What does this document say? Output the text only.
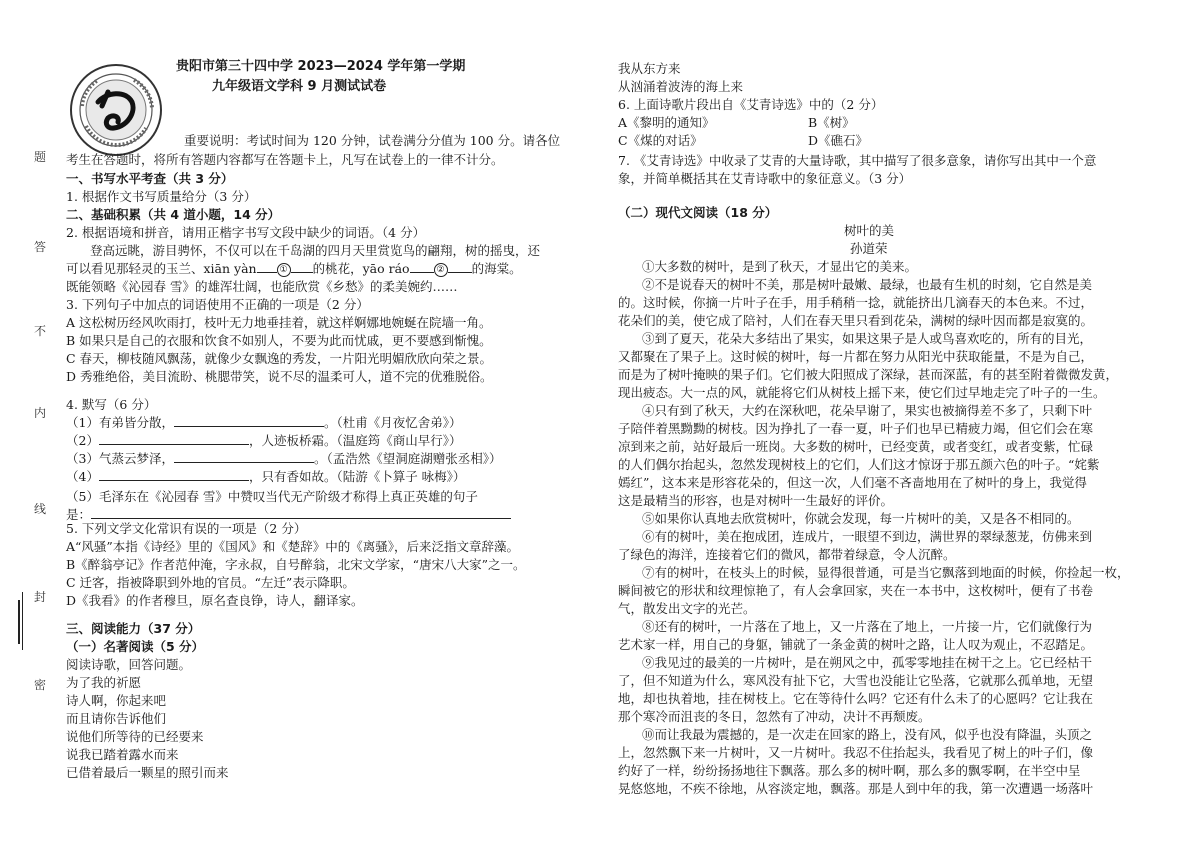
题
答
不
内
线
封
密
贵阳市第三十四中学 2023—2024 学年第一学期
九年级语文学科 9 月测试试卷
重要说明：考试时间为 120 分钟，试卷满分分值为 100 分。请各位
考生在答题时，将所有答题内容都写在答题卡上，凡写在试卷上的一律不计分。
一、书写水平考查（共 3 分）
1. 根据作文书写质量给分（3 分）
二、基础积累（共 4 道小题，14 分）
2. 根据语境和拼音，请用正楷字书写文段中缺少的词语。（4 分）
登高远眺，游目骋怀，不仅可以在千岛湖的四月天里赏览鸟的翩翔，树的摇曳，还
可以看见那轻灵的玉兰、xiān yàn	① 的桃花，yāo ráo	② 的海棠。
既能领略《沁园春 雪》的雄浑壮阔，也能欣赏《乡愁》的柔美婉约……
3. 下列句子中加点的词语使用不正确的一项是（2 分）
A 这松树历经风吹雨打，枝叶无力地垂挂着，就这样婀娜地婉蜒在院墙一角。
B 如果只是自己的衣服和饮食不如别人，不要为此而忧戚，更不要感到惭愧。
C 春天，柳枝随风飘荡，就像少女飘逸的秀发，一片阳光明媚欣欣向荣之景。
D 秀雅绝俗，美目流盼、桃腮带笑，说不尽的温柔可人，道不完的优雅脱俗。
4. 默写（6 分）
（1）有弟皆分散，	。（杜甫《月夜忆舍弟》）
（2）	，人迹板桥霜。（温庭筠《商山早行》）
（3）气蒸云梦泽，	。（孟浩然《望洞庭湖赠张丞相》）
（4）	，只有香如故。（陆游《卜算子 咏梅》）
（5）毛泽东在《沁园春 雪》中赞叹当代无产阶级才称得上真正英雄的句子
是：
5. 下列文学文化常识有误的一项是（2 分）
A“风骚”本指《诗经》里的《国风》和《楚辞》中的《离骚》，后来泛指文章辞藻。
B《醉翁亭记》作者范仲淹，字永叔，自号醉翁，北宋文学家，“唐宋八大家”之一。
C 迁客，指被降职到外地的官员。“左迁”表示降职。
D《我看》的作者穆旦，原名查良铮，诗人，翻译家。
三、阅读能力（37 分）
（一）名著阅读（5 分）
阅读诗歌，回答问题。
为了我的祈愿
诗人啊，你起来吧
而且请你告诉他们
说他们所等待的已经要来
说我已踏着露水而来
已借着最后一颗星的照引而来
我从东方来
从汹涌着波涛的海上来
6. 上面诗歌片段出自《艾青诗选》中的（2 分）
A《黎明的通知》	B《树》
C《煤的对话》	D《礁石》
7. 《艾青诗选》中收录了艾青的大量诗歌，其中描写了很多意象，请你写出其中一个意
象，并简单概括其在艾青诗歌中的象征意义。（3 分）
（二）现代文阅读（18 分）
树叶的美
孙道荣
①大多数的树叶，是到了秋天，才显出它的美来。
②不是说春天的树叶不美，那是树叶最嫩、最绿，也最有生机的时刻，它自然是美
的。这时候，你摘一片叶子在手，用手稍稍一捻，就能挤出几滴春天的本色来。不过，
花朵们的美，使它成了陪衬，人们在春天里只看到花朵，满树的绿叶因而都是寂寞的。
③到了夏天，花朵大多结出了果实，如果这果子是人或鸟喜欢吃的，所有的目光，
又都聚在了果子上。这时候的树叶，每一片都在努力从阳光中获取能量，不是为自己，
而是为了树叶掩映的果子们。它们被大阳照成了深绿，甚而深蓝，有的甚至附着微微发黄，
现出疲态。大一点的风，就能将它们从树枝上摇下来，使它们过早地走完了叶子的一生。
④只有到了秋天，大约在深秋吧，花朵早谢了，果实也被摘得差不多了，只剩下叶
子陪伴着黑黝黝的树枝。因为挣扎了一春一夏，叶子们也早已精疲力竭，但它们会在寒
凉到来之前，站好最后一班岗。大多数的树叶，已经变黄，或者变红，或者变紫，忙碌
的人们偶尔抬起头，忽然发现树枝上的它们，人们这才惊讶于那五颜六色的叶子。“姹紫
嫣红”，这本来是形容花朵的，但这一次，人们毫不吝啬地用在了树叶的身上，我觉得
这是最精当的形容，也是对树叶一生最好的评价。
⑤如果你认真地去欣赏树叶，你就会发现，每一片树叶的美，又是各不相同的。
⑥有的树叶，美在抱成团，连成片，一眼望不到边，满世界的翠绿葱茏，仿佛来到
了绿色的海洋，连接着它们的微风，都带着绿意，令人沉醉。
⑦有的树叶，在枝头上的时候，显得很普通，可是当它飘落到地面的时候，你捡起一枚，
瞬间被它的形状和纹理惊艳了，有人会拿回家，夹在一本书中，这枚树叶，便有了书卷
气，散发出文字的光芒。
⑧还有的树叶，一片落在了地上，又一片落在了地上，一片接一片，它们就像行为
艺术家一样，用自己的身躯，铺就了一条金黄的树叶之路，让人叹为观止，不忍踏足。
⑨我见过的最美的一片树叶，是在朔风之中，孤零零地挂在树干之上。它已经枯干
了，但不知道为什么，寒风没有扯下它，大雪也没能让它坠落，它就那么孤单地，无望
地，却也执着地，挂在树枝上。它在等待什么吗？它还有什么未了的心愿吗？它让我在
那个寒冷而沮丧的冬日，忽然有了冲动，决计不再颓废。
⑩而让我最为震撼的，是一次走在回家的路上，没有风，似乎也没有降温，头顶之
上，忽然飘下来一片树叶，又一片树叶。我忍不住抬起头，我看见了树上的叶子们，像
约好了一样，纷纷扬扬地往下飘落。那么多的树叶啊，那么多的飘零啊，在半空中呈
晃悠悠地，不疾不徐地，从容淡定地，飘落。那是人到中年的我，第一次遭遇一场落叶
